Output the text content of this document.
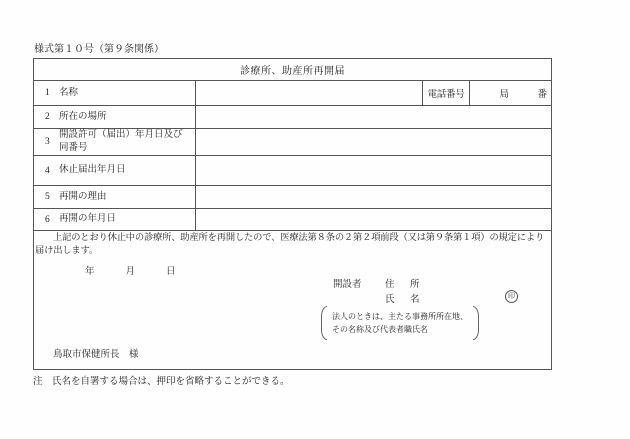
様式第１０号（第９条関係）
診療所、助産所再開届
1 名称	電話番号	局　　　番
2 所在の場所
3
開設許可（届出）年月日及び
同番号
4 休止届出年月日
5 再開の理由
6 再開の年月日
上記のとおり休止中の診療所、助産所を再開したので、医療法第８条の２第２項前段（又は第９条第１項）の規定により
届け出します。
年	月	日
開設者 住　所
氏　名	印
法人のときは、主たる事務所所在地、
その名称及び代表者職氏名
鳥取市保健所長　様
注　氏名を自署する場合は、押印を省略することができる。
